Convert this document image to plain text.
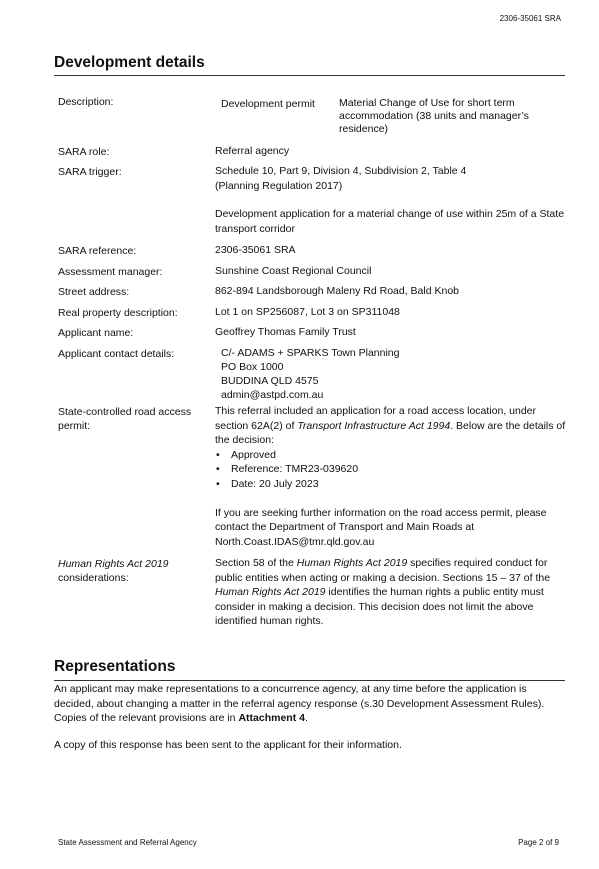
2306-35061 SRA
Development details
Description:	Development permit	Material Change of Use for short term accommodation (38 units and manager’s residence)
SARA role:	Referral agency
SARA trigger:	Schedule 10, Part 9, Division 4, Subdivision 2, Table 4
(Planning Regulation 2017)
Development application for a material change of use within 25m of a State transport corridor
SARA reference:	2306-35061 SRA
Assessment manager:	Sunshine Coast Regional Council
Street address:	862-894 Landsborough Maleny Rd Road, Bald Knob
Real property description:	Lot 1 on SP256087, Lot 3 on SP311048
Applicant name:	Geoffrey Thomas Family Trust
Applicant contact details:	C/- ADAMS + SPARKS Town Planning
PO Box 1000
BUDDINA QLD 4575
admin@astpd.com.au
State-controlled road access permit:
This referral included an application for a road access location, under section 62A(2) of Transport Infrastructure Act 1994. Below are the details of the decision:
• Approved
• Reference: TMR23-039620
• Date: 20 July 2023
If you are seeking further information on the road access permit, please contact the Department of Transport and Main Roads at North.Coast.IDAS@tmr.qld.gov.au
Human Rights Act 2019
considerations:
Section 58 of the Human Rights Act 2019 specifies required conduct for public entities when acting or making a decision. Sections 15 – 37 of the Human Rights Act 2019 identifies the human rights a public entity must consider in making a decision. This decision does not limit the above identified human rights.
Representations
An applicant may make representations to a concurrence agency, at any time before the application is decided, about changing a matter in the referral agency response (s.30 Development Assessment Rules). Copies of the relevant provisions are in Attachment 4.
A copy of this response has been sent to the applicant for their information.
State Assessment and Referral Agency	Page 2 of 9
